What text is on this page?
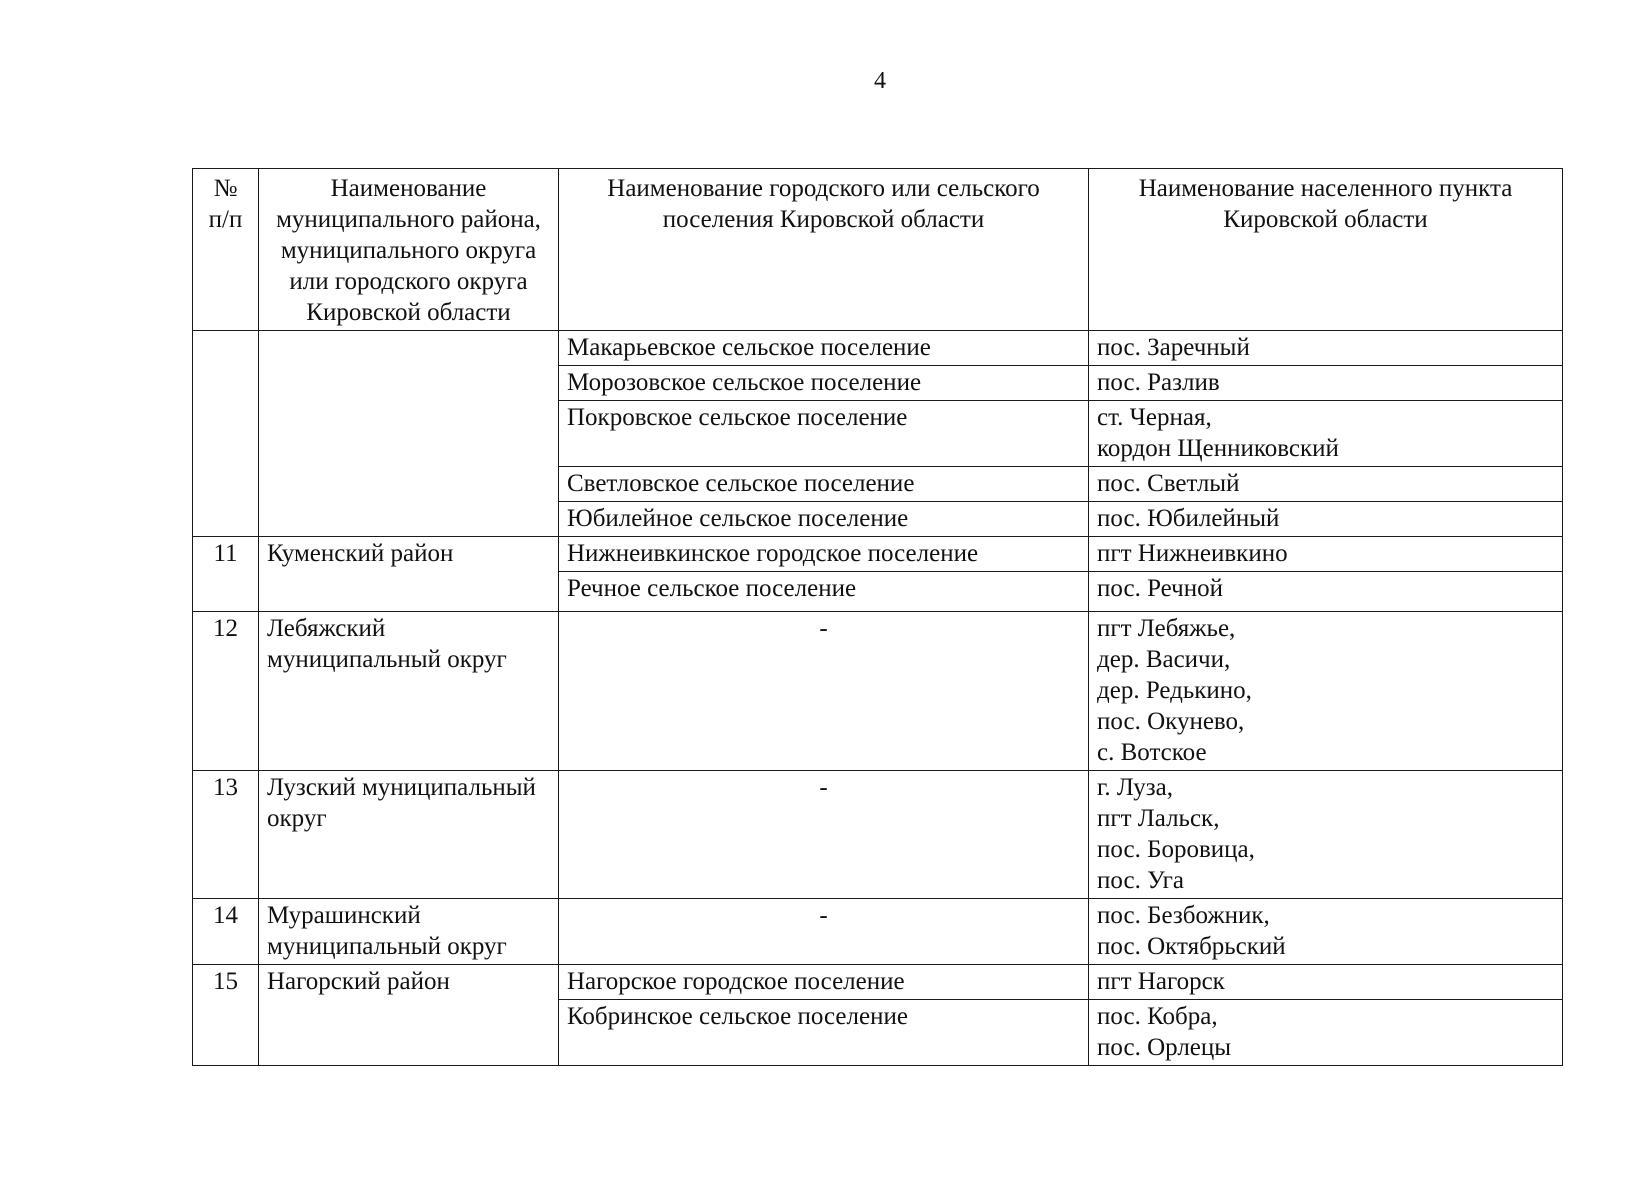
4
№ п/п	Наименование муниципального района, муниципального округа или городского округа Кировской области	Наименование городского или сельского поселения Кировской области	Наименование населенного пункта Кировской области
		Макарьевское сельское поселение	пос. Заречный

		Морозовское сельское поселение	пос. Разлив

		Покровское сельское поселение	ст. Черная,
кордон Щенниковский

		Светловское сельское поселение	пос. Светлый

		Юбилейное сельское поселение	пос. Юбилейный

11	Куменский район	Нижнеивкинское городское поселение	пгт Нижнеивкино

		Речное сельское поселение	пос. Речной

12	Лебяжский муниципальный округ	-	пгт Лебяжье,
дер. Васичи,
дер. Редькино,
пос. Окунево,
с. Вотское

13	Лузский муниципальный округ	-	г. Луза,
пгт Лальск,
пос. Боровица,
пос. Уга

14	Мурашинский муниципальный округ	-	пос. Безбожник,
пос. Октябрьский

15	Нагорский район	Нагорское городское поселение	пгт Нагорск

		Кобринское сельское поселение	пос. Кобра,
пос. Орлецы
